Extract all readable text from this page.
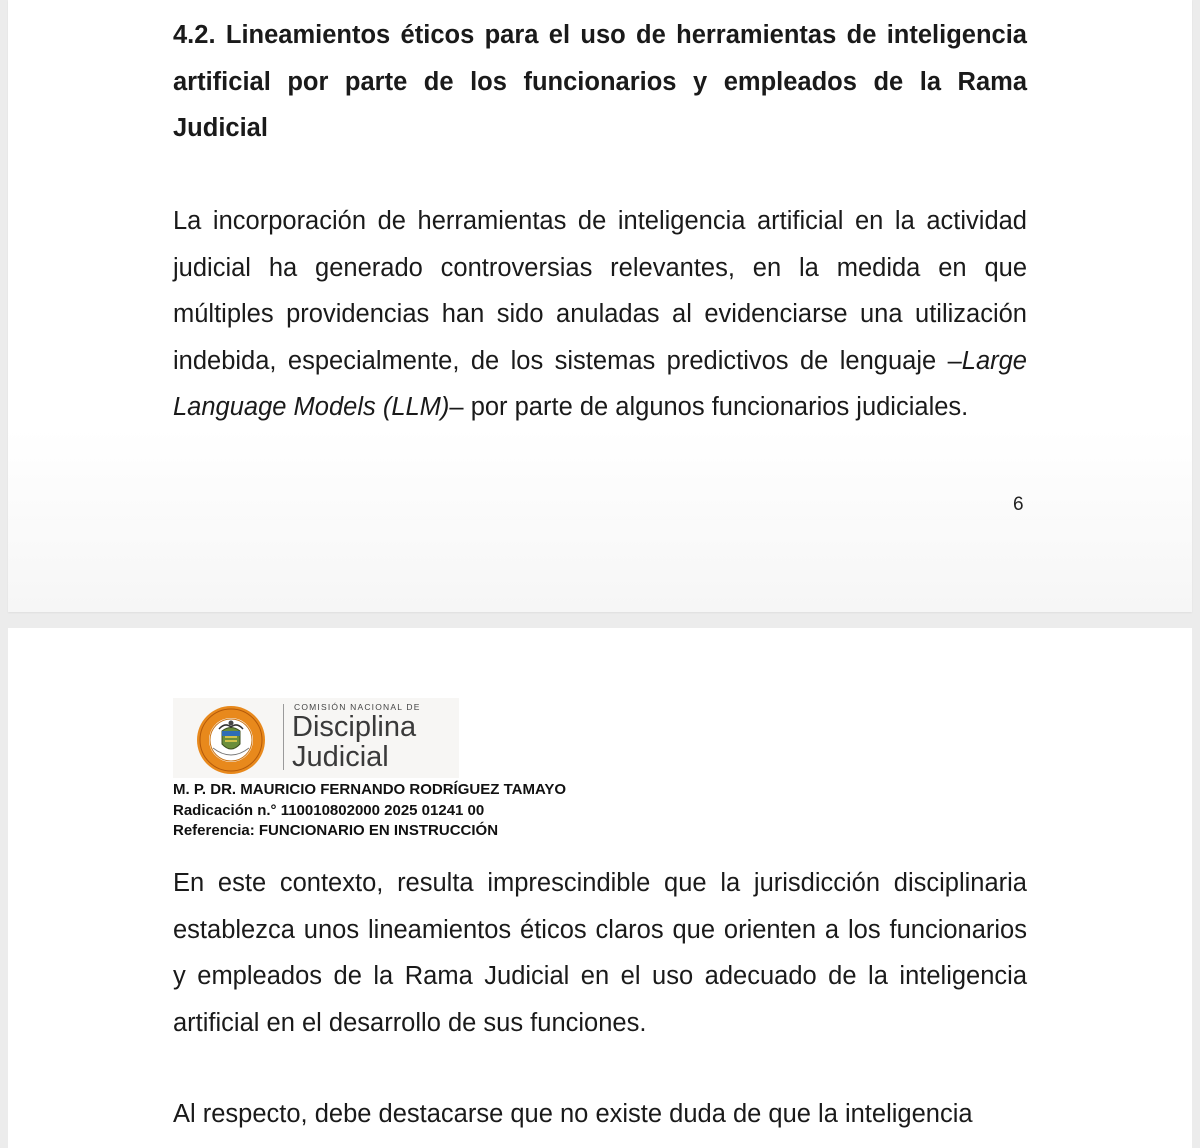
4.2. Lineamientos éticos para el uso de herramientas de inteligencia artificial por parte de los funcionarios y empleados de la Rama Judicial

La incorporación de herramientas de inteligencia artificial en la actividad judicial ha generado controversias relevantes, en la medida en que múltiples providencias han sido anuladas al evidenciarse una utilización indebida, especialmente, de los sistemas predictivos de lenguaje –Large Language Models (LLM)– por parte de algunos funcionarios judiciales.

6
COMISIÓN NACIONAL DE
Disciplina
Judicial
M. P. DR. MAURICIO FERNANDO RODRÍGUEZ TAMAYO
Radicación n.° 110010802000 2025 01241 00
Referencia: FUNCIONARIO EN INSTRUCCIÓN

En este contexto, resulta imprescindible que la jurisdicción disciplinaria establezca unos lineamientos éticos claros que orienten a los funcionarios y empleados de la Rama Judicial en el uso adecuado de la inteligencia artificial en el desarrollo de sus funciones.

Al respecto, debe destacarse que no existe duda de que la inteligencia
